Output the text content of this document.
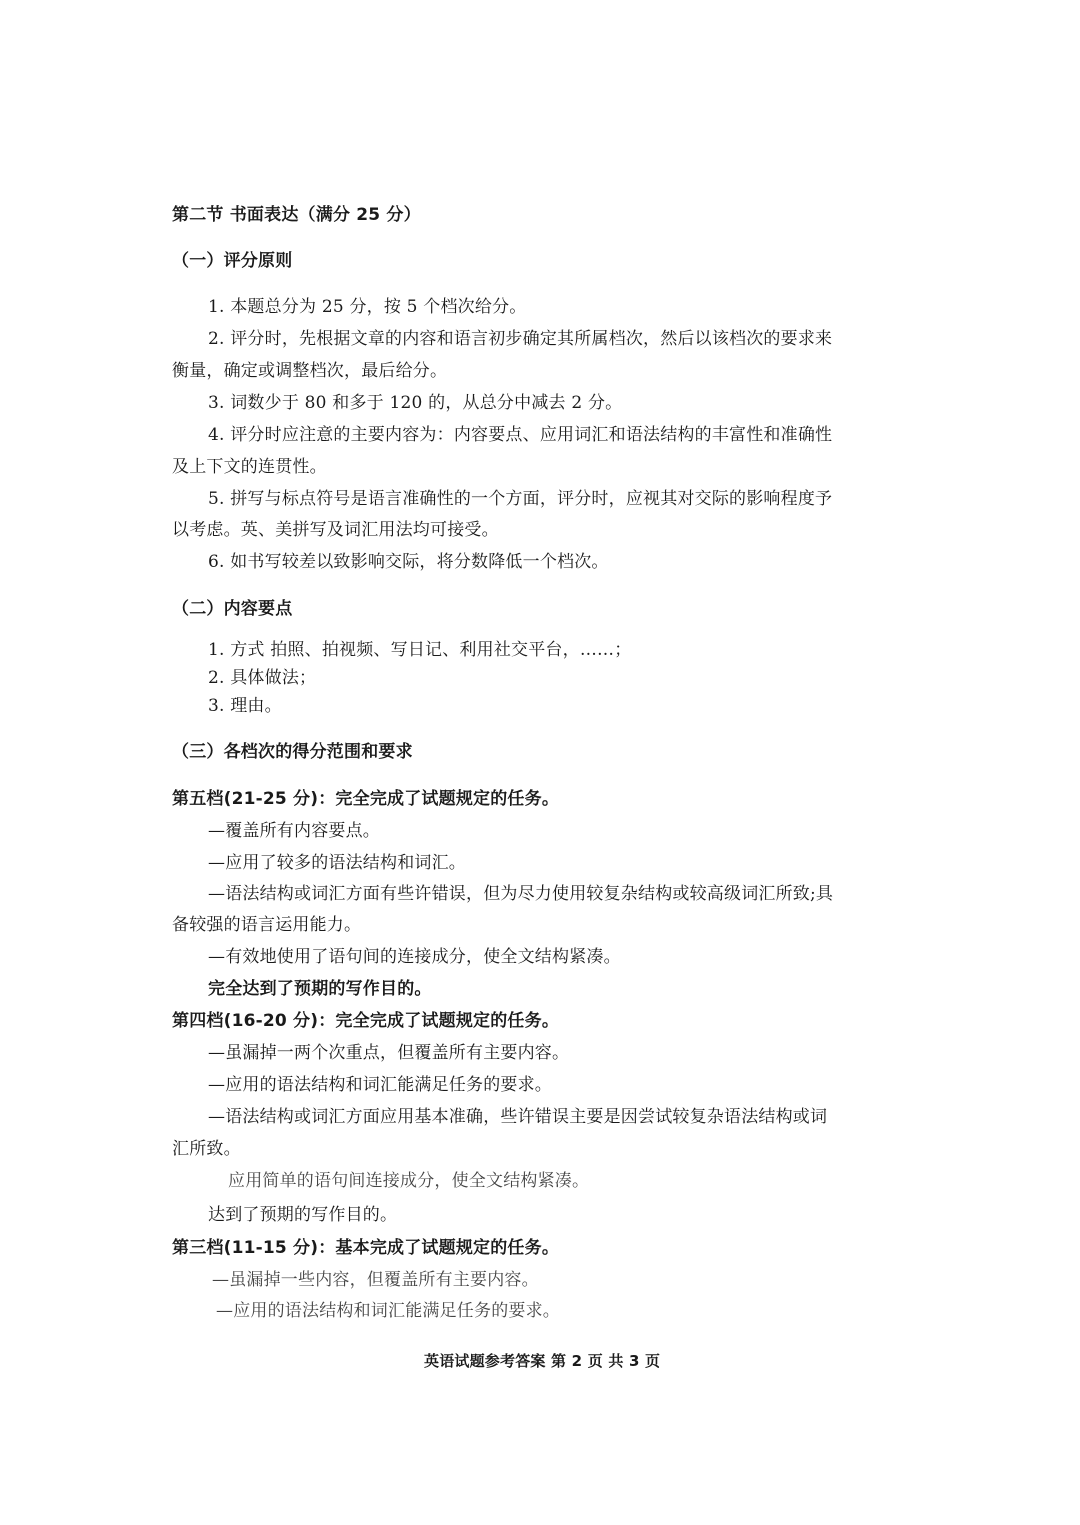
第二节 书面表达（满分 25 分）
（一）评分原则
1. 本题总分为 25 分，按 5 个档次给分。
2. 评分时，先根据文章的内容和语言初步确定其所属档次，然后以该档次的要求来
衡量，确定或调整档次，最后给分。
3. 词数少于 80 和多于 120 的，从总分中减去 2 分。
4. 评分时应注意的主要内容为：内容要点、应用词汇和语法结构的丰富性和准确性
及上下文的连贯性。
5. 拼写与标点符号是语言准确性的一个方面，评分时，应视其对交际的影响程度予
以考虑。英、美拼写及词汇用法均可接受。
6. 如书写较差以致影响交际，将分数降低一个档次。
（二）内容要点
1. 方式 拍照、拍视频、写日记、利用社交平台，……；
2. 具体做法；
3. 理由。
（三）各档次的得分范围和要求
第五档(21-25 分)：完全完成了试题规定的任务。
—覆盖所有内容要点。
—应用了较多的语法结构和词汇。
—语法结构或词汇方面有些许错误，但为尽力使用较复杂结构或较高级词汇所致;具
备较强的语言运用能力。
—有效地使用了语句间的连接成分，使全文结构紧凑。
完全达到了预期的写作目的。
第四档(16-20 分)：完全完成了试题规定的任务。
—虽漏掉一两个次重点，但覆盖所有主要内容。
—应用的语法结构和词汇能满足任务的要求。
—语法结构或词汇方面应用基本准确，些许错误主要是因尝试较复杂语法结构或词
汇所致。
应用简单的语句间连接成分，使全文结构紧凑。
达到了预期的写作目的。
第三档(11-15 分)：基本完成了试题规定的任务。
—虽漏掉一些内容，但覆盖所有主要内容。
—应用的语法结构和词汇能满足任务的要求。
英语试题参考答案 第 2 页 共 3 页
